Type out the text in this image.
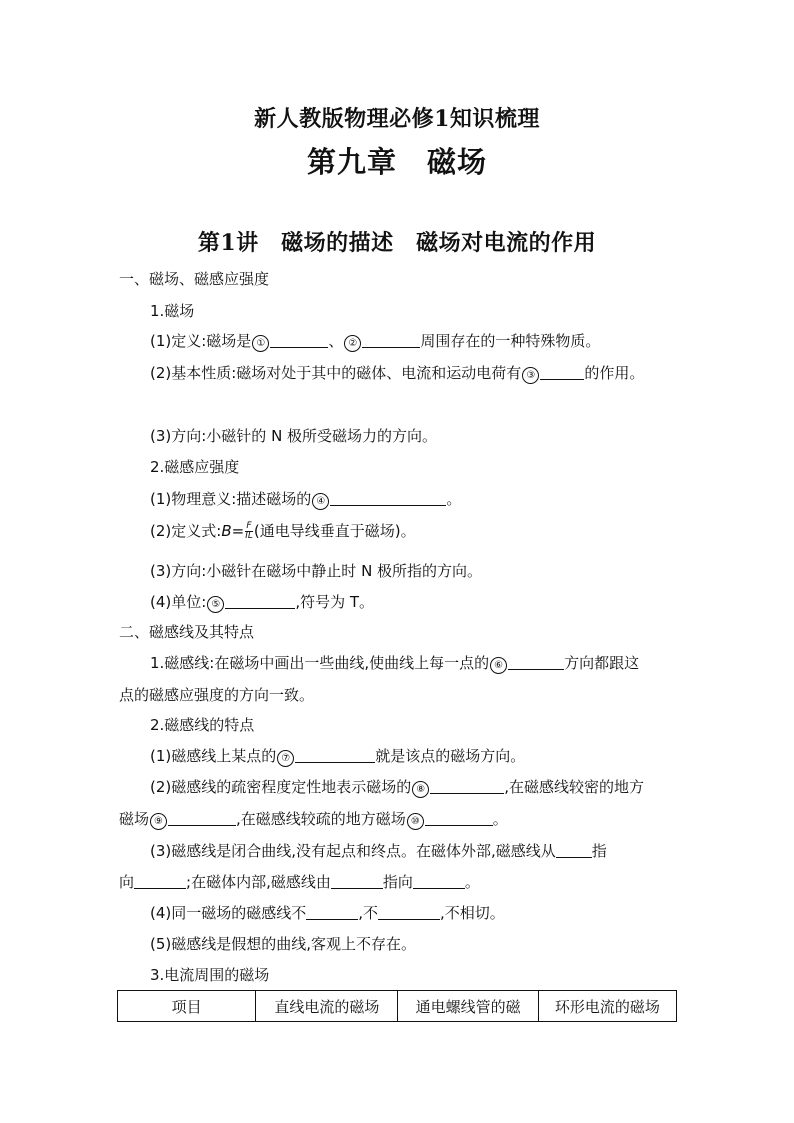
新人教版物理必修1知识梳理
第九章　磁场
第1讲　磁场的描述　磁场对电流的作用
一、磁场、磁感应强度
1.磁场
(1)定义:磁场是 ①	、 ②	周围存在的一种特殊物质。
(2)基本性质:磁场对处于其中的磁体、电流和运动电荷有 ③	的作用。
(3)方向:小磁针的 N 极所受磁场力的方向。
2.磁感应强度
(1)物理意义:描述磁场的 ④	。
(2)定义式:B= $\frac{F}{IL}$ (通电导线垂直于磁场)。
(3)方向:小磁针在磁场中静止时 N 极所指的方向。
(4)单位: ⑤	,符号为 T。
二、磁感线及其特点
1.磁感线:在磁场中画出一些曲线,使曲线上每一点的 ⑥	方向都跟这
点的磁感应强度的方向一致。
2.磁感线的特点
(1)磁感线上某点的 ⑦	就是该点的磁场方向。
(2)磁感线的疏密程度定性地表示磁场的 ⑧	,在磁感线较密的地方
磁场 ⑨	,在磁感线较疏的地方磁场 ⑩	。
(3)磁感线是闭合曲线,没有起点和终点。在磁体外部,磁感线从 指
向	;在磁体内部,磁感线由	指向	。
(4)同一磁场的磁感线不	,不	,不相切。
(5)磁感线是假想的曲线,客观上不存在。
3.电流周围的磁场
项目	直线电流的磁场	通电螺线管的磁	环形电流的磁场
